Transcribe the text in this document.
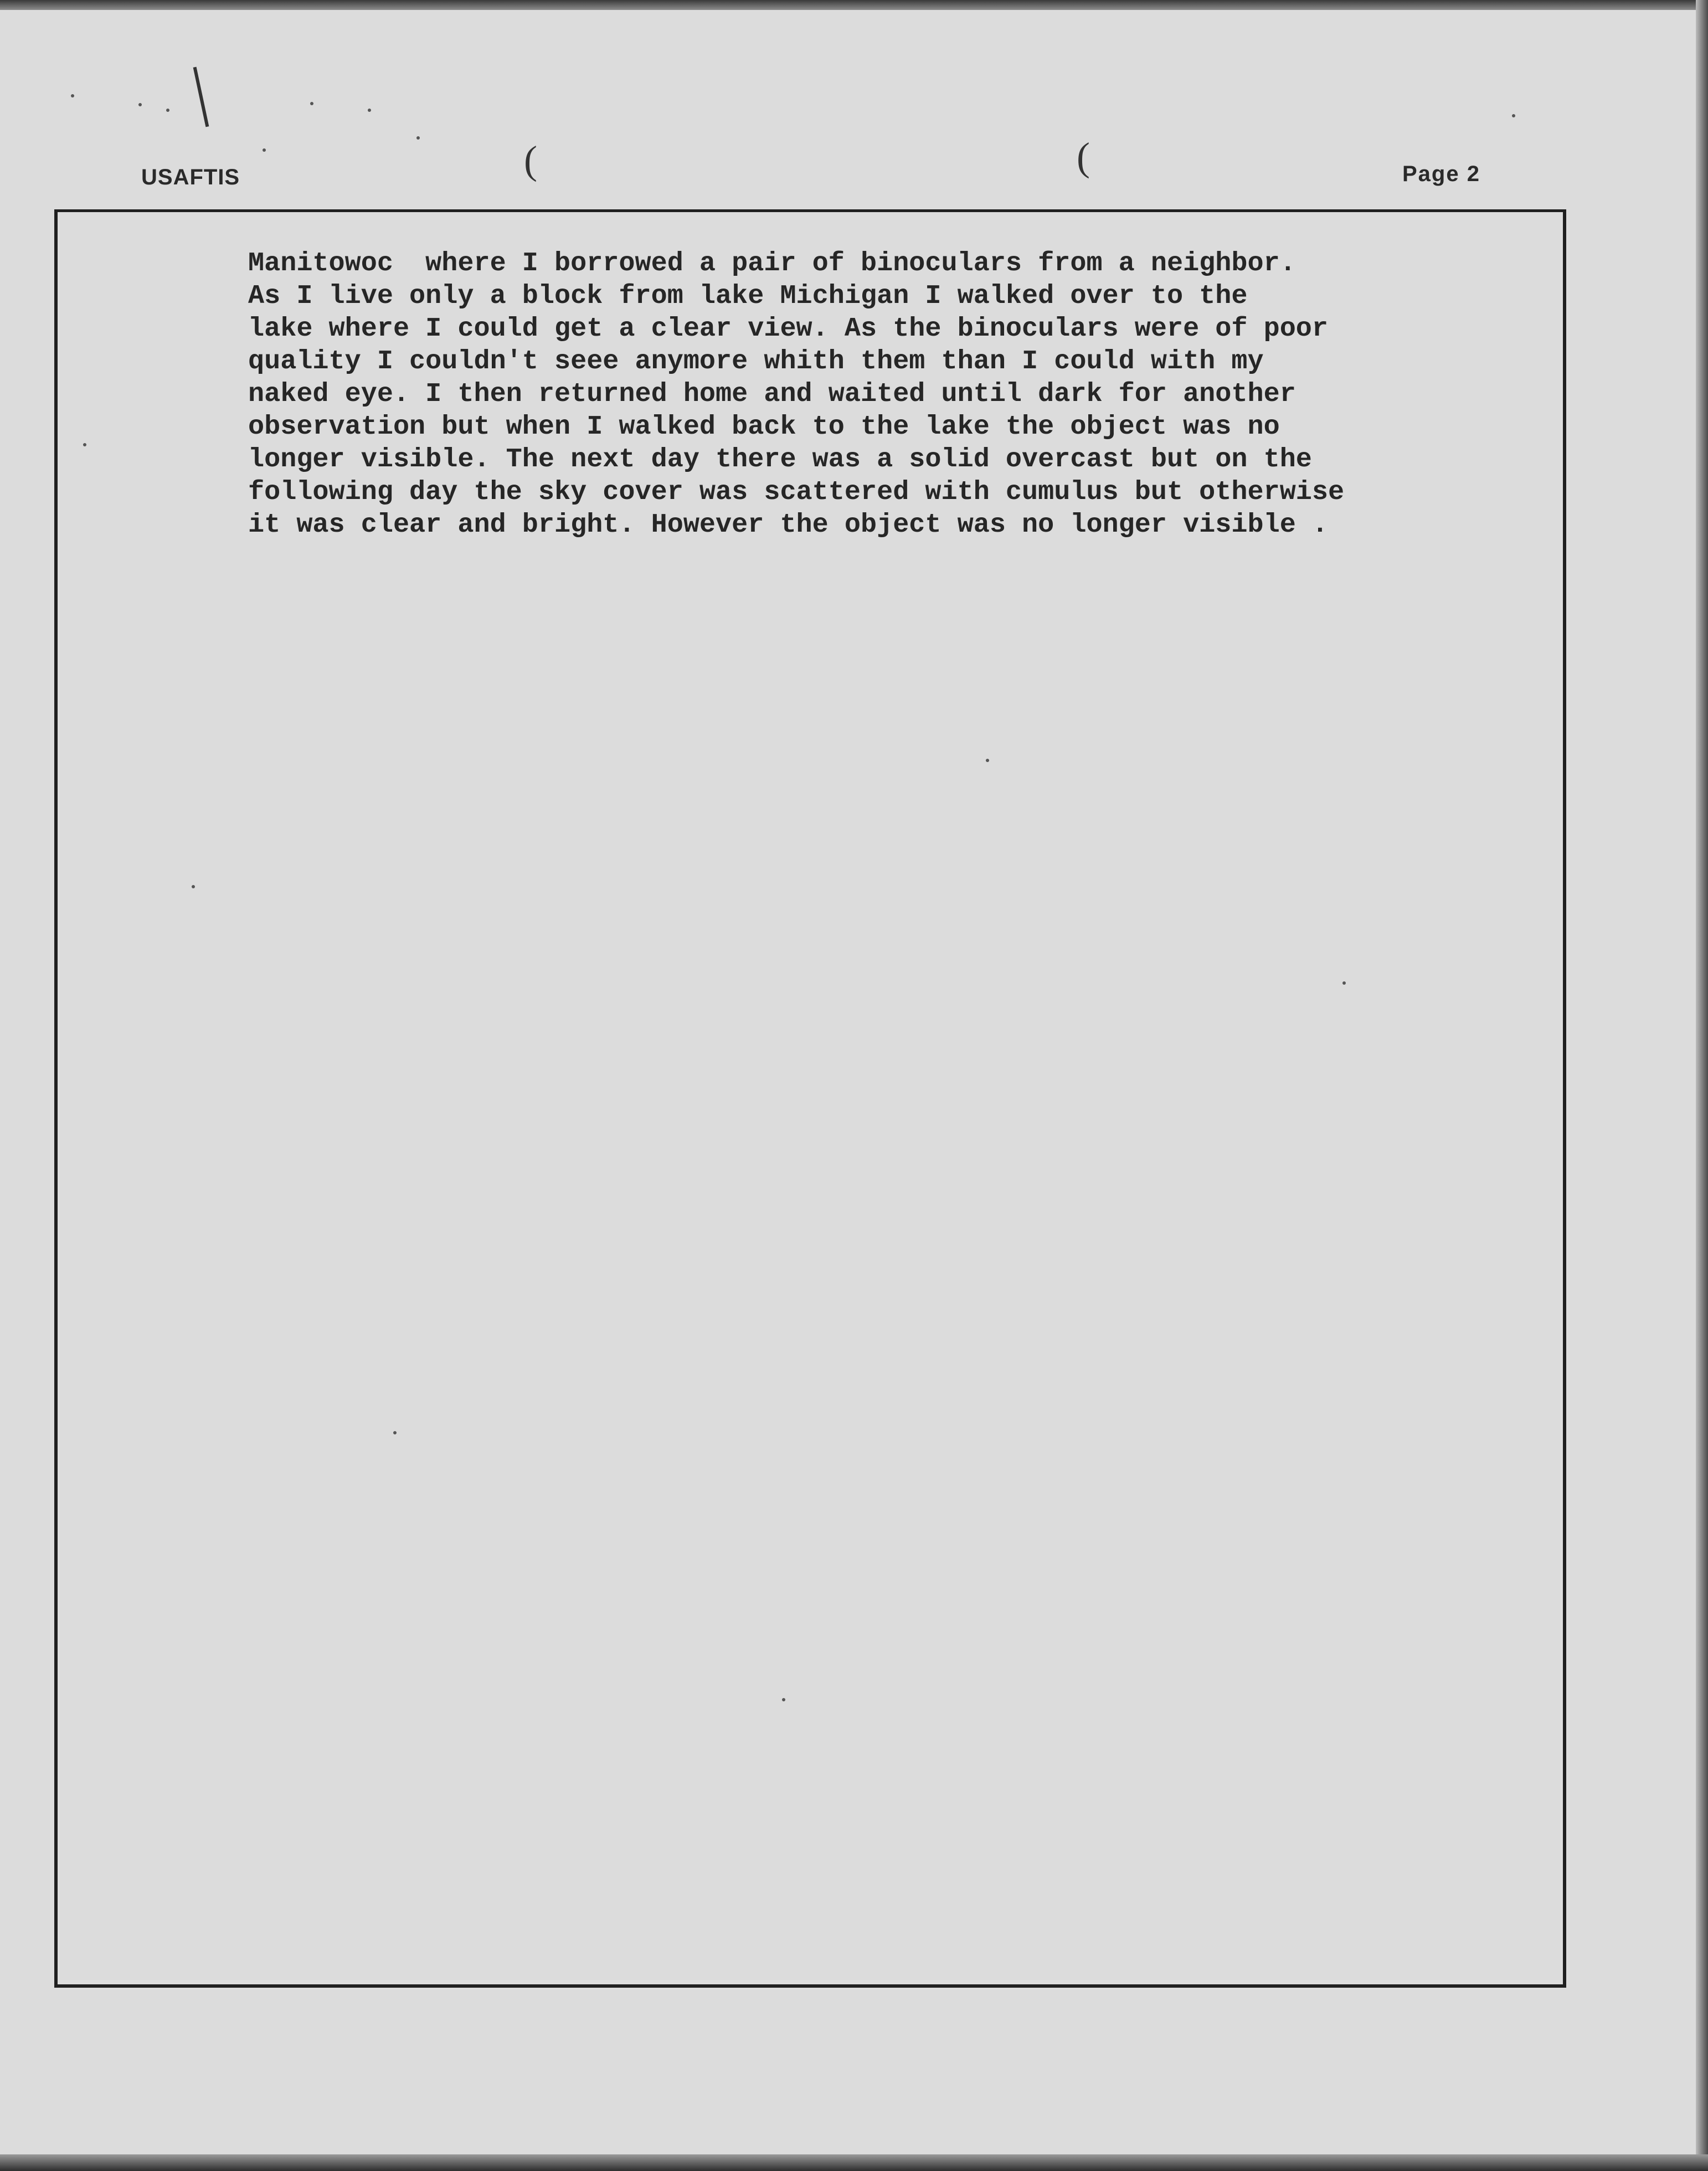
USAFTIS	(	(	Page 2
Manitowoc  where I borrowed a pair of binoculars from a neighbor.
As I live only a block from lake Michigan I walked over to the
lake where I could get a clear view. As the binoculars were of poor
quality I couldn't seee anymore whith them than I could with my
naked eye. I then returned home and waited until dark for another
observation but when I walked back to the lake the object was no
longer visible. The next day there was a solid overcast but on the
following day the sky cover was scattered with cumulus but otherwise
it was clear and bright. However the object was no longer visible .
